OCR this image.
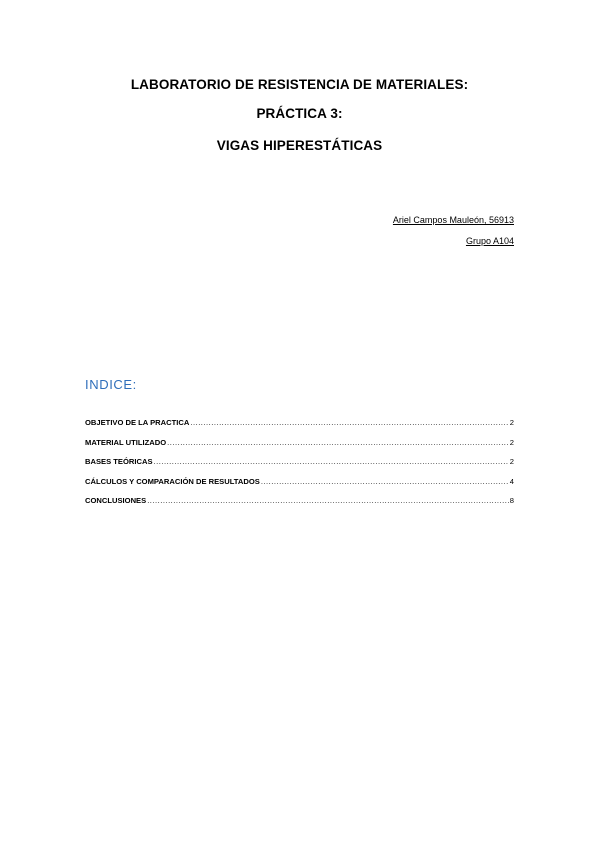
LABORATORIO DE RESISTENCIA DE MATERIALES:
PRÁCTICA 3:
VIGAS HIPERESTÁTICAS
Ariel Campos Mauleón, 56913
Grupo A104
INDICE:
OBJETIVO DE LA PRACTICA .....	2
MATERIAL UTILIZADO .....	2
BASES TEÓRICAS .....	2
CÁLCULOS Y COMPARACIÓN DE RESULTADOS .....	4
CONCLUSIONES .....	8
